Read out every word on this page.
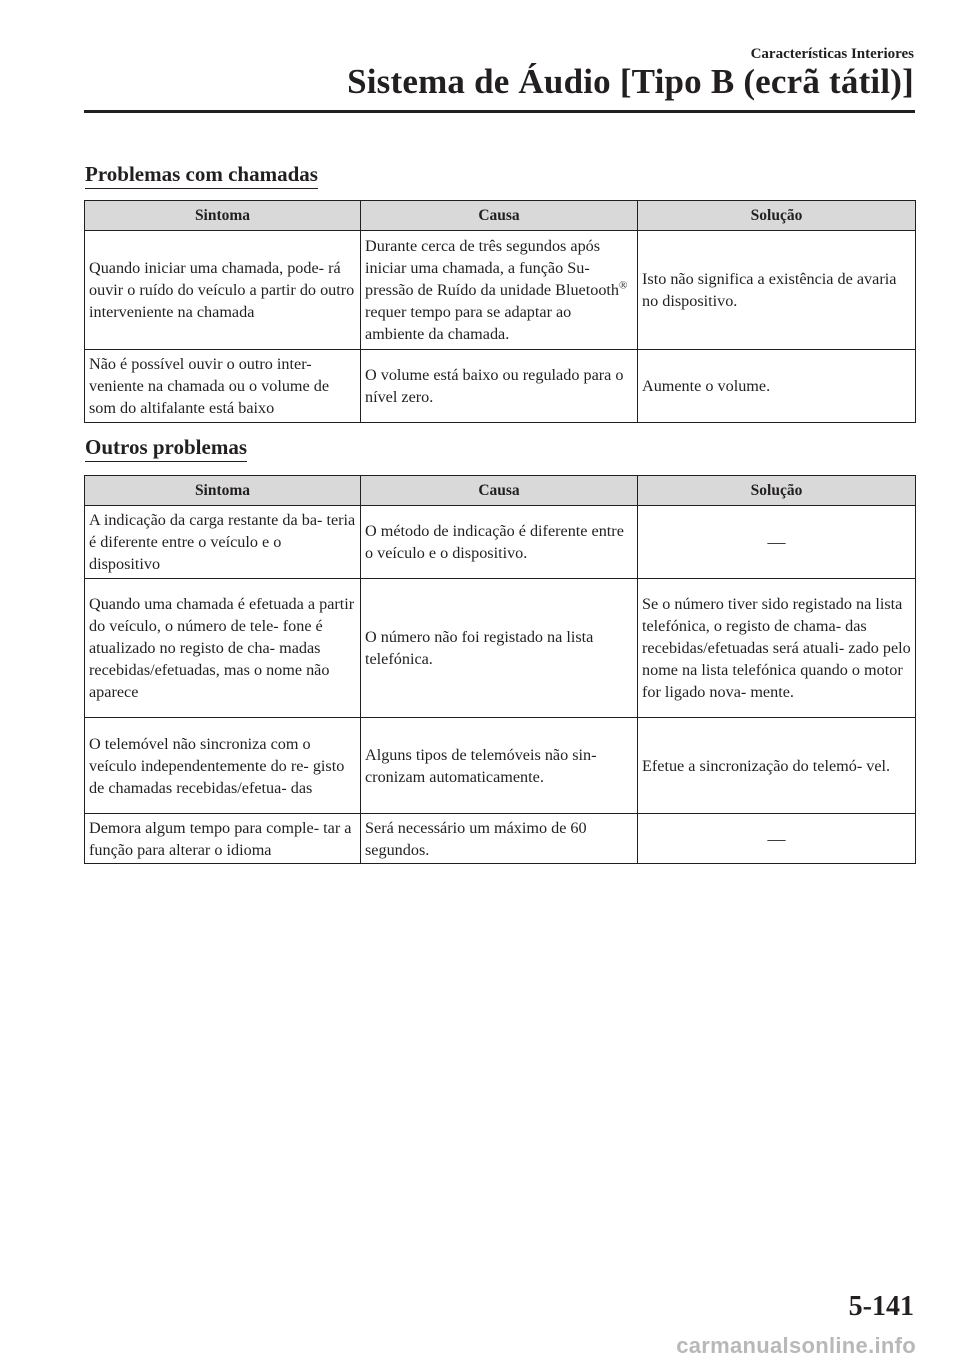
Características Interiores
Sistema de Áudio [Tipo B (ecrã tátil)]
Problemas com chamadas
Sintoma	Causa	Solução
Quando iniciar uma chamada, pode- rá ouvir o ruído do veículo a partir do outro interveniente na chamada	Durante cerca de três segundos após iniciar uma chamada, a função Su- pressão de Ruído da unidade Bluetooth® requer tempo para se adaptar ao ambiente da chamada.	Isto não significa a existência de avaria no dispositivo.
Não é possível ouvir o outro inter- veniente na chamada ou o volume de som do altifalante está baixo	O volume está baixo ou regulado para o nível zero.	Aumente o volume.
Outros problemas
Sintoma	Causa	Solução
A indicação da carga restante da ba- teria é diferente entre o veículo e o dispositivo	O método de indicação é diferente entre o veículo e o dispositivo.	―
Quando uma chamada é efetuada a partir do veículo, o número de tele- fone é atualizado no registo de cha- madas recebidas/efetuadas, mas o nome não aparece	O número não foi registado na lista telefónica.	Se o número tiver sido registado na lista telefónica, o registo de chama- das recebidas/efetuadas será atuali- zado pelo nome na lista telefónica quando o motor for ligado nova- mente.
O telemóvel não sincroniza com o veículo independentemente do re- gisto de chamadas recebidas/efetua- das	Alguns tipos de telemóveis não sin- cronizam automaticamente.	Efetue a sincronização do telemó- vel.
Demora algum tempo para comple- tar a função para alterar o idioma	Será necessário um máximo de 60 segundos.	―
5-141
carmanualsonline.info
